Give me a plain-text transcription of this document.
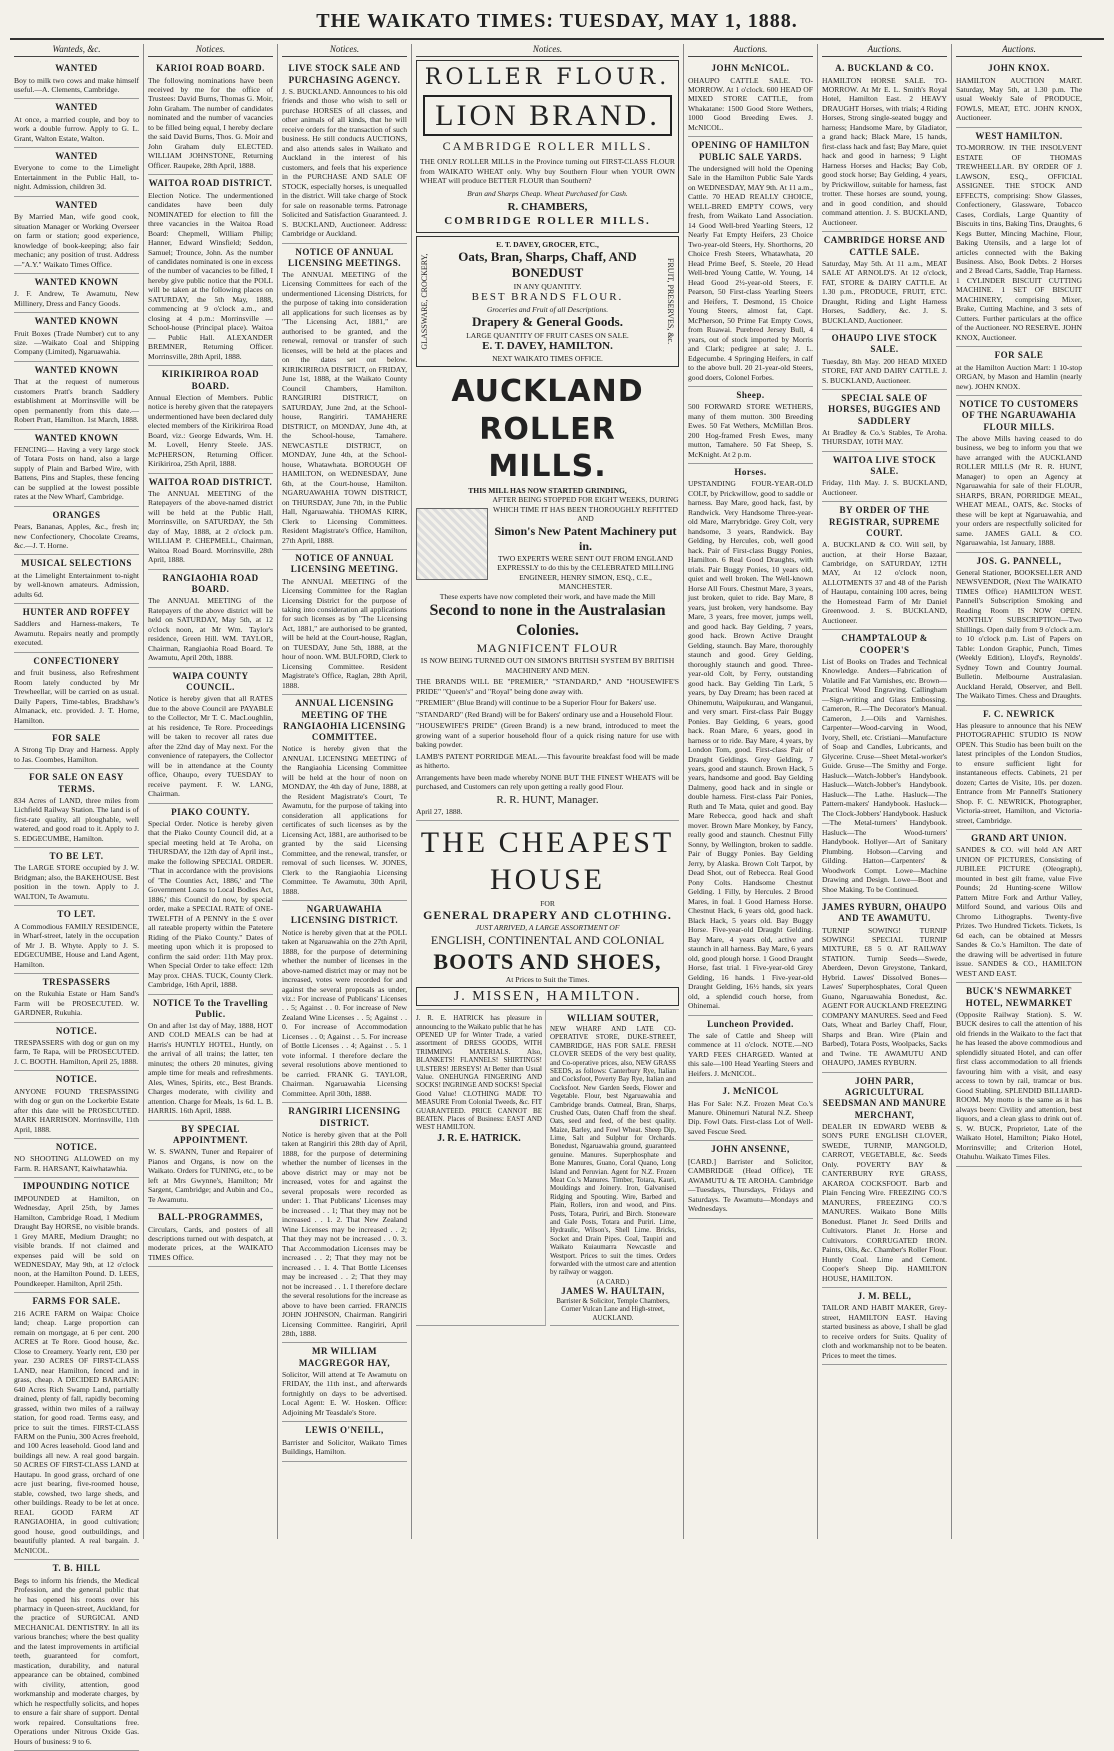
THE WAIKATO TIMES: TUESDAY, MAY 1, 1888.
Wanteds, &c.
WANTED

Boy to milk two cows and make himself useful.—A. Clements, Cambridge.

WANTED

At once, a married couple, and boy to work a double furrow. Apply to G. L. Grant, Walton Estate, Walton.

WANTED

Everyone to come to the Limelight Entertainment in the Public Hall, to-night. Admission, children 3d.

WANTED

By Married Man, wife good cook, situation Manager or Working Overseer on farm or station; good experience, knowledge of book-keeping; also fair mechanic; any position of trust. Address—"A.Y." Waikato Times Office.

WANTED KNOWN

J. F. Andrew, Te Awamutu, New Millinery, Dress and Fancy Goods.

WANTED KNOWN

Fruit Boxes (Trade Number) cut to any size. —Waikato Coal and Shipping Company (Limited), Ngaruawahia.

WANTED KNOWN

That at the request of numerous customers Pratt's branch Saddlery establishment at Morrinsville will be open permanently from this date.—Robert Pratt, Hamilton. 1st March, 1888.

WANTED KNOWN

FENCING— Having a very large stock of Totara Posts on hand, also a large supply of Plain and Barbed Wire, with Battens, Pins and Staples, these fencing can be supplied at the lowest possible rates at the New Wharf, Cambridge.

ORANGES

Pears, Bananas, Apples, &c., fresh in; new Confectionery, Chocolate Creams, &c.—J. T. Horne.

MUSICAL SELECTIONS

at the Limelight Entertainment to-night by well-known amateurs. Admission, adults 6d.

HUNTER AND ROFFEY

Saddlers and Harness-makers, Te Awamutu. Repairs neatly and promptly executed.

CONFECTIONERY

and fruit business, also Refreshment Room lately conducted by Mr Trewheellar, will be carried on as usual. Daily Papers, Time-tables, Bradshaw's Almanack, etc. provided. J. T. Horne, Hamilton.

FOR SALE

A Strong Tip Dray and Harness. Apply to Jas. Coombes, Hamilton.

FOR SALE ON EASY TERMS.

834 Acres of LAND, three miles from Lichfield Railway Station. The land is of first-rate quality, all ploughable, well watered, and good road to it. Apply to J. S. EDGECUMBE, Hamilton.

TO BE LET.

The LARGE STORE occupied by J. W. Bridgman; also, the BAKEHOUSE. Best position in the town. Apply to J. WALTON, Te Awamutu.

TO LET.

A Commodious FAMILY RESIDENCE, in Wharf-street, lately in the occupation of Mr J. B. Whyte. Apply to J. S. EDGECUMBE, House and Land Agent, Hamilton.

TRESPASSERS

on the Rukuhia Estate or Ham Sand's Farm will be PROSECUTED. W. GARDNER, Rukuhia.

NOTICE.

TRESPASSERS with dog or gun on my farm, Te Rapa, will be PROSECUTED. J. C. BOOTH. Hamilton, April 25, 1888.

NOTICE.

ANYONE FOUND TRESPASSING with dog or gun on the Lockerbie Estate after this date will be PROSECUTED. MARK HARRISON. Morrinsville, 11th April, 1888.

NOTICE.

NO SHOOTING ALLOWED on my Farm. R. HARSANT, Kaiwhatawhia.

IMPOUNDING NOTICE

IMPOUNDED at Hamilton, on Wednesday, April 25th, by James Hamilton, Cambridge Road, 1 Medium Draught Bay HORSE, no visible brands. 1 Grey MARE, Medium Draught; no visible brands. If not claimed and expenses paid will be sold on WEDNESDAY, May 9th, at 12 o'clock noon, at the Hamilton Pound. D. LEES, Poundkeeper. Hamilton, April 25th.

FARMS FOR SALE.

216 ACRE FARM on Waipa: Choice land; cheap. Large proportion can remain on mortgage, at 6 per cent. 200 ACRES at Te Rore. Good house, &c. Close to Creamery. Yearly rent, £30 per year. 230 ACRES OF FIRST-CLASS LAND, near Hamilton, fenced and in grass, cheap. A DECIDED BARGAIN: 640 Acres Rich Swamp Land, partially drained, plenty of fall, rapidly becoming grassed, within two miles of a railway station, for good road. Terms easy, and price to suit the times. FIRST-CLASS FARM on the Puniu, 300 Acres freehold, and 100 Acres leasehold. Good land and buildings all new. A real good bargain. 50 ACRES OF FIRST-CLASS LAND at Hautapu. In good grass, orchard of one acre just bearing, five-roomed house, stable, cowshed, two large sheds, and other buildings. Ready to be let at once. REAL GOOD FARM AT RANGIAOHIA, in good cultivation; good house, good outbuildings, and beautifully planted. A real bargain. J. McNICOL.

T. B. HILL

Begs to inform his friends, the Medical Profession, and the general public that he has opened his rooms over his pharmacy in Queen-street, Auckland, for the practice of SURGICAL AND MECHANICAL DENTISTRY. In all its various branches; where the best quality and the latest improvements in artificial teeth, guaranteed for comfort, mastication, durability, and natural appearance can be obtained, combined with civility, attention, good workmanship and moderate charges, by which he respectfully solicits, and hopes to ensure a fair share of support. Dental work repaired. Consultations free. Operations under Nitrous Oxide Gas. Hours of business: 9 to 6.

Notices.
KARIOI ROAD BOARD.

The following nominations have been received by me for the office of Trustees: David Burns, Thomas G. Moir, John Graham. The number of candidates nominated and the number of vacancies to be filled being equal, I hereby declare the said David Burns, Thos. G. Moir and John Graham duly ELECTED. WILLIAM JOHNSTONE, Returning Officer. Raupeke, 28th April, 1888.

WAITOA ROAD DISTRICT.

Election Notice. The undermentioned candidates have been duly NOMINATED for election to fill the three vacancies in the Waitoa Road Board: Chepmell, William Philip; Hanner, Edward Winsfield; Seddon, Samuel; Trounce, John. As the number of candidates nominated is one in excess of the number of vacancies to be filled, I hereby give public notice that the POLL will be taken at the following places on SATURDAY, the 5th May, 1888, commencing at 9 o'clock a.m., and closing at 4 p.m.: Morrinsville — School-house (Principal place). Waitoa — Public Hall. ALEXANDER BREMNER, Returning Officer. Morrinsville, 28th April, 1888.

KIRIKIRIROA ROAD BOARD.

Annual Election of Members. Public notice is hereby given that the ratepayers undermentioned have been declared duly elected members of the Kirikiriroa Road Board, viz.: George Edwards, Wm. H. M. Lovell, Henry Steele. JAS. McPHERSON, Returning Officer. Kirikiriroa, 25th April, 1888.

WAITOA ROAD DISTRICT.

The ANNUAL MEETING of the Ratepayers of the above-named district will be held at the Public Hall, Morrinsville, on SATURDAY, the 5th day of May, 1888, at 2 o'clock p.m. WILLIAM P. CHEPMELL, Chairman, Waitoa Road Board. Morrinsville, 28th April, 1888.

RANGIAOHIA ROAD BOARD.

The ANNUAL MEETING of the Ratepayers of the above district will be held on SATURDAY, May 5th, at 12 o'clock noon, at Mr Wm. Taylor's residence, Green Hill. WM. TAYLOR, Chairman, Rangiaohia Road Board. Te Awamutu, April 20th, 1888.

WAIPA COUNTY COUNCIL.

Notice is hereby given that all RATES due to the above Council are PAYABLE to the Collector, Mr T. C. MacLoughlin, at his residence, Te Rore. Proceedings will be taken to recover all rates due after the 22nd day of May next. For the convenience of ratepayers, the Collector will be in attendance at the County office, Ohaupo, every TUESDAY to receive payment. F. W. LANG, Chairman.

PIAKO COUNTY.

Special Order. Notice is hereby given that the Piako County Council did, at a special meeting held at Te Aroha, on THURSDAY, the 12th day of April inst., make the following SPECIAL ORDER. "That in accordance with the provisions of 'The Counties Act, 1886,' and 'The Government Loans to Local Bodies Act, 1886,' this Council do now, by special order, make a SPECIAL RATE of ONE-TWELFTH of A PENNY in the £ over all rateable property within the Patetere Riding of the Piako County." Dates of meeting upon which it is proposed to confirm the said order: 11th May prox. When Special Order to take effect: 12th May prox. CHAS. TUCK, County Clerk. Cambridge, 16th April, 1888.

NOTICE To the Travelling Public.

On and after 1st day of May, 1888, HOT AND COLD MEALS can be had at Harris's HUNTLY HOTEL, Huntly, on the arrival of all trains; the latter, ten minutes; the others 20 minutes, giving ample time for meals and refreshments. Ales, Wines, Spirits, etc., Best Brands. Charges moderate, with civility and attention. Charge for Meals, 1s 6d. L. B. HARRIS. 16th April, 1888.

BY SPECIAL APPOINTMENT.

W. S. SWANN, Tuner and Repairer of Pianos and Organs, is now on the Waikato. Orders for TUNING, etc., to be left at Mrs Gwynne's, Hamilton; Mr Sargent, Cambridge; and Aubin and Co., Te Awamutu.

BALL-PROGRAMMES,

Circulars, Cards, and posters of all descriptions turned out with despatch, at moderate prices, at the WAIKATO TIMES Office.

Notices.
LIVE STOCK SALE AND PURCHASING AGENCY.

J. S. BUCKLAND. Announces to his old friends and those who wish to sell or purchase HORSES of all classes, and other animals of all kinds, that he will receive orders for the transaction of such business. He still conducts AUCTIONS, and also attends sales in Waikato and Auckland in the interest of his customers, and feels that his experience in the PURCHASE AND SALE OF STOCK, especially horses, is unequalled in the district. Will take charge of Stock for sale on reasonable terms. Patronage Solicited and Satisfaction Guaranteed. J. S. BUCKLAND, Auctioneer. Address: Cambridge or Auckland.

NOTICE OF ANNUAL LICENSING MEETINGS.

The ANNUAL MEETING of the Licensing Committees for each of the undermentioned Licensing Districts, for the purpose of taking into consideration all applications for such licenses as by "The Licensing Act, 1881," are authorised to be granted, and the renewal, removal or transfer of such licenses, will be held at the places and on the dates set out below. KIRIKIRIROA DISTRICT, on FRIDAY, June 1st, 1888, at the Waikato County Council Chambers, Hamilton. RANGIRIRI DISTRICT, on SATURDAY, June 2nd, at the School-house, Rangiriri. TAMAHERE DISTRICT, on MONDAY, June 4th, at the School-house, Tamahere. NEWCASTLE DISTRICT, on MONDAY, June 4th, at the School-house, Whatawhata. BOROUGH OF HAMILTON, on WEDNESDAY, June 6th, at the Court-house, Hamilton. NGARUAWAHIA TOWN DISTRICT, on THURSDAY, June 7th, in the Public Hall, Ngaruawahia. THOMAS KIRK, Clerk to Licensing Committees. Resident Magistrate's Office, Hamilton, 27th April, 1888.

NOTICE OF ANNUAL LICENSING MEETING.

The ANNUAL MEETING of the Licensing Committee for the Raglan Licensing District for the purpose of taking into consideration all applications for such licenses as by "The Licensing Act, 1881," are authorised to be granted, will be held at the Court-house, Raglan, on TUESDAY, June 5th, 1888, at the hour of noon. WM. BULFORD, Clerk to Licensing Committee. Resident Magistrate's Office, Raglan, 28th April, 1888.

ANNUAL LICENSING MEETING OF THE RANGIAOHIA LICENSING COMMITTEE.

Notice is hereby given that the ANNUAL LICENSING MEETING of the Rangiaohia Licensing Committee will be held at the hour of noon on MONDAY, the 4th day of June, 1888, at the Resident Magistrate's Court, Te Awamutu, for the purpose of taking into consideration all applications for certificates of such licenses as by the Licensing Act, 1881, are authorised to be granted by the said Licensing Committee, and the renewal, transfer, or removal of such licenses. W. JONES, Clerk to the Rangiaohia Licensing Committee. Te Awamutu, 30th April, 1888.

NGARUAWAHIA LICENSING DISTRICT.

Notice is hereby given that at the POLL taken at Ngaruawahia on the 27th April, 1888, for the purpose of determining whether the number of licenses in the above-named district may or may not be increased, votes were recorded for and against the several proposals as under, viz.: For increase of Publicans' Licenses . . 5; Against . . 0. For increase of New Zealand Wine Licenses . . 5; Against . . 0. For increase of Accommodation Licenses . . 0; Against . . 5. For increase of Bottle Licenses . . 4; Against . . 5. 1 vote informal. I therefore declare the several resolutions above mentioned to be carried. FRANK G. TAYLOR, Chairman. Ngaruawahia Licensing Committee. April 30th, 1888.

RANGIRIRI LICENSING DISTRICT.

Notice is hereby given that at the Poll taken at Rangiriri this 28th day of April, 1888, for the purpose of determining whether the number of licenses in the above district may or may not be increased, votes for and against the several proposals were recorded as under: 1. That Publicans' Licenses may be increased . . 1; That they may not be increased . . 1. 2. That New Zealand Wine Licenses may be increased . . 2; That they may not be increased . . 0. 3. That Accommodation Licenses may be increased . . 2; That they may not be increased . . 1. 4. That Bottle Licenses may be increased . . 2; That they may not be increased . . 1. I therefore declare the several resolutions for the increase as above to have been carried. FRANCIS JOHN JOHNSON, Chairman. Rangiriri Licensing Committee. Rangiriri, April 28th, 1888.

MR WILLIAM MACGREGOR HAY,

Solicitor, Will attend at Te Awamutu on FRIDAY, the 11th inst., and afterwards fortnightly on days to be advertised. Local Agent: E. W. Hosken. Office: Adjoining Mr Teasdale's Store.

LEWIS O'NEILL,

Barrister and Solicitor, Waikato Times Buildings, Hamilton.

Notices.
ROLLER FLOUR.
LION BRAND.
CAMBRIDGE ROLLER MILLS.

THE ONLY ROLLER MILLS in the Province turning out FIRST-CLASS FLOUR from WAIKATO WHEAT only. Why buy Southern Flour when YOUR OWN WHEAT will produce BETTER FLOUR than Southern?

Bran and Sharps Cheap. Wheat Purchased for Cash.
R. CHAMBERS,
COMBRIDGE ROLLER MILLS.
GLASSWARE, CROCKERY,
E. T. DAVEY, GROCER, ETC.,
Oats, Bran, Sharps, Chaff, AND BONEDUST
IN ANY QUANTITY.
BEST BRANDS FLOUR.
Groceries and Fruit of all Descriptions.
Drapery & General Goods.
LARGE QUANTITY OF FRUIT CASES ON SALE.
E. T. DAVEY, HAMILTON.
NEXT WAIKATO TIMES OFFICE.
FRUIT, PRESERVES, &c.
AUCKLAND ROLLER MILLS.
THIS MILL HAS NOW STARTED GRINDING,
AFTER BEING STOPPED FOR EIGHT WEEKS, DURING WHICH TIME IT HAS BEEN THOROUGHLY REFITTED AND
Simon's New Patent Machinery put in.
TWO EXPERTS WERE SENT OUT FROM ENGLAND EXPRESSLY to do this by the CELEBRATED MILLING ENGINEER, HENRY SIMON, ESQ., C.E., MANCHESTER.
These experts have now completed their work, and have made the Mill
Second to none in the Australasian Colonies.
MAGNIFICENT FLOUR
IS NOW BEING TURNED OUT ON SIMON'S BRITISH SYSTEM BY BRITISH MACHINERY AND MEN.

THE BRANDS WILL BE "PREMIER," "STANDARD," AND "HOUSEWIFE'S PRIDE" "Queen's" and "Royal" being done away with.

"PREMIER" (Blue Brand) will continue to be a Superior Flour for Bakers' use.

"STANDARD" (Red Brand) will be for Bakers' ordinary use and a Household Flour.

"HOUSEWIFE'S PRIDE" (Green Brand) is a new brand, introduced to meet the growing want of a superior household flour of a quick rising nature for use with baking powder.

LAMB'S PATENT PORRIDGE MEAL.—This favourite breakfast food will be made as hitherto.

Arrangements have been made whereby NONE BUT THE FINEST WHEATS will be purchased, and Customers can rely upon getting a really good Flour.

R. R. HUNT, Manager.
April 27, 1888.
THE CHEAPEST HOUSE
FOR
GENERAL DRAPERY AND CLOTHING.
JUST ARRIVED, A LARGE ASSORTMENT OF
ENGLISH, CONTINENTAL AND COLONIAL
BOOTS AND SHOES,
At Prices to Suit the Times.
J. MISSEN, HAMILTON.

J. R. E. HATRICK has pleasure in announcing to the Waikato public that he has OPENED UP for Winter Trade, a varied assortment of DRESS GOODS, WITH TRIMMING MATERIALS. Also, BLANKETS! FLANNELS! SHIRTINGS! ULSTERS! JERSEYS! At Better than Usual Value. ONEHUNGA FINGERING AND SOCKS! INGRINGE AND SOCKS! Special Good Value! CLOTHING MADE TO MEASURE From Colonial Tweeds, &c. FIT GUARANTEED. PRICE CANNOT BE BEATEN. Places of Business: EAST AND WEST HAMILTON.

J. R. E. HATRICK.
WILLIAM SOUTER,

NEW WHARF AND LATE CO-OPERATIVE STORE, DUKE-STREET, CAMBRIDGE, HAS FOR SALE. FRESH CLOVER SEEDS of the very best quality, and Co-operative prices, also, NEW GRASS SEEDS, as follows: Canterbury Rye, Italian and Cocksfoot, Poverty Bay Rye, Italian and Cocksfoot. New Garden Seeds, Flower and Vegetable. Flour, best Ngaruawahia and Cambridge brands. Oatmeal, Bran, Sharps, Crushed Oats, Oaten Chaff from the sheaf. Oats, seed and feed, of the best quality. Maize, Barley, and Fowl Wheat. Sheep Dip, Lime, Salt and Sulphur for Orchards. Bonedust, Ngaruawahia ground, guaranteed genuine. Manures. Superphosphate and Bone Manures, Guano, Coral Quano, Long Island and Peruvian. Agent for N.Z. Frozen Meat Co.'s Manures. Timber, Totara, Kauri, Mouldings and Joinery. Iron, Galvanised Ridging and Spouting. Wire, Barbed and Plain, Rollers, iron and wood, and Pins. Posts, Totara, Puriri, and Birch. Stoneware and Gale Posts, Totara and Puriri. Lime, Hydraulic, Wilson's, Shell Lime. Bricks, Socket and Drain Pipes. Coal, Taupiri and Waikato Kuiaumarra Newcastle and Westport. Prices to suit the times. Orders forwarded with the utmost care and attention by railway or waggon.

(A CARD.)
JAMES W. HAULTAIN,
Barrister & Solicitor, Temple Chambers, Corner Vulcan Lane and High-street, AUCKLAND.
Auctions.
JOHN McNICOL.

OHAUPO CATTLE SALE. TO-MORROW. At 1 o'clock. 600 HEAD OF MIXED STORE CATTLE, from Whakatane: 1500 Good Store Wethers, 1000 Good Breeding Ewes. J. McNICOL.

OPENING OF HAMILTON PUBLIC SALE YARDS.

The undersigned will hold the Opening Sale in the Hamilton Public Sale Yards on WEDNESDAY, MAY 9th. At 11 a.m., Cattle. 70 HEAD REALLY CHOICE, WELL-BRED EMPTY COWS, very fresh, from Waikato Land Association. 14 Good Well-bred Yearling Steers, 12 Nearly Fat Empty Heifers, 23 Choice Two-year-old Steers, Hy. Shorthorns, 20 Choice Fresh Steers, Whatawhata, 20 Head Prime Beef, S. Steele, 20 Head Well-bred Young Cattle, W. Young, 14 Head Good 2½-year-old Steers, F. Pearson, 50 First-class Yearling Steers and Heifers, T. Desmond, 15 Choice Young Steers, almost fat, Capt. McPherson, 50 Prime Fat Empty Cows, from Ruawai. Purebred Jersey Bull, 4 years, out of stock imported by Morris and Clark; pedigree at sale; J. L. Edgecumbe. 4 Springing Heifers, in calf to the above bull. 20 21-year-old Steers, good doers, Colonel Forbes.

Sheep.

500 FORWARD STORE WETHERS, many of them mutton. 300 Breeding Ewes. 50 Fat Wethers, McMillan Bros. 200 Hog-framed Fresh Ewes, many mutton, Tamahere. 50 Fat Sheep, S. McKnight. At 2 p.m.

Horses.

UPSTANDING FOUR-YEAR-OLD COLT, by Prickwillow, good to saddle or harness. Bay Mare, good hack, fast, by Randwick. Very Handsome Three-year-old Mare, Marrybridge. Grey Colt, very handsome, 3 years, Randwick. Bay Gelding, by Hercules, cob, well good hack. Pair of First-class Buggy Ponies, Hamilton. 6 Real Good Draughts, with trials. Pair Buggy Ponies, 10 years old, quiet and well broken. The Well-known Horse All Fours. Chestnut Mare, 3 years, just broken, quiet to ride. Bay Mare, 8 years, just broken, very handsome. Bay Mare, 3 years, free mover, jumps well, and good hack. Bay Gelding, 7 years, good hack. Brown Active Draught Gelding, staunch. Bay Mare, thoroughly staunch and good. Grey Gelding, thoroughly staunch and good. Three-year-old Colt, by Ferry, outstanding good hack. Bay Gelding Tin Lark, 5 years, by Day Dream; has been raced at Ohinemutu, Waipukurau, and Wanganui, and very smart. First-class Pair Buggy Ponies. Bay Gelding, 6 years, good hack. Roan Mare, 6 years, good in harness or to ride. Bay Mare, 4 years, by London Tom, good. First-class Pair of Draught Geldings. Grey Gelding, 7 years, good and staunch. Brown Hack, 5 years, handsome and good. Bay Gelding Dalmeny, good hack and in single or double harness. First-class Pair Ponies, Ruth and Te Mata, quiet and good. Bay Mare Rebecca, good hack and shaft mover. Brown Mare Monkey, by Fancy, really good and staunch. Chestnut Filly Sonny, by Wellington, broken to saddle. Pair of Buggy Ponies. Bay Gelding Jerry, by Alaska. Brown Colt Tarpot, by Dead Shot, out of Rebecca. Real Good Pony Colts. Handsome Chestnut Gelding. 1 Filly, by Hercules. 2 Brood Mares, in foal. 1 Good Harness Horse. Chestnut Hack, 6 years old, good hack. Black Hack, 5 years old. Bay Buggy Horse. Five-year-old Draught Gelding. Bay Mare, 4 years old, active and staunch in all harness. Bay Mare, 6 years old, good plough horse. 1 Good Draught Horse, fast trial. 1 Five-year-old Grey Gelding, 16 hands. 1 Five-year-old Draught Gelding, 16½ hands, six years old, a splendid couch horse, from Ohinemai.

Luncheon Provided.

The sale of Cattle and Sheep will commence at 11 o'clock. NOTE.—NO YARD FEES CHARGED. Wanted at this sale—100 Head Yearling Steers and Heifers. J. McNICOL.

J. McNICOL

Has For Sale: N.Z. Frozen Meat Co.'s Manure. Ohinemuri Natural N.Z. Sheep Dip. Fowl Oats. First-class Lot of Well-saved Fescue Seed.

JOHN ANSENNE,

[CARD.] Barrister and Solicitor, CAMBRIDGE (Head Office), TE AWAMUTU & TE AROHA. Cambridge—Tuesdays, Thursdays, Fridays and Saturdays. Te Awamutu—Mondays and Wednesdays.

Auctions.
A. BUCKLAND & CO.

HAMILTON HORSE SALE. TO-MORROW. At Mr E. L. Smith's Royal Hotel, Hamilton East. 2 HEAVY DRAUGHT Horses, with trials; 4 Riding Horses, Strong single-seated buggy and harness; Handsome Mare, by Gladiator, a grand hack; Black Mare, 15 hands, first-class hack and fast; Bay Mare, quiet hack and good in harness; 9 Light Harness Horses and Hacks; Bay Cob, good stock horse; Bay Gelding, 4 years, by Prickwillow, suitable for harness, fast trotter. These horses are sound, young, and in good condition, and should command attention. J. S. BUCKLAND, Auctioneer.

CAMBRIDGE HORSE AND CATTLE SALE.

Saturday, May 5th. At 11 a.m., MEAT SALE AT ARNOLD'S. At 12 o'clock, FAT, STORE & DAIRY CATTLE. At 1.30 p.m., PRODUCE, FRUIT, ETC. Draught, Riding and Light Harness Horses, Saddlery, &c. J. S. BUCKLAND, Auctioneer.

OHAUPO LIVE STOCK SALE.

Tuesday, 8th May. 200 HEAD MIXED STORE, FAT AND DAIRY CATTLE. J. S. BUCKLAND, Auctioneer.

SPECIAL SALE OF HORSES, BUGGIES AND SADDLERY

At Bradley & Co.'s Stables, Te Aroha. THURSDAY, 10TH MAY.

WAITOA LIVE STOCK SALE.

Friday, 11th May. J. S. BUCKLAND, Auctioneer.

BY ORDER OF THE REGISTRAR, SUPREME COURT.

A. BUCKLAND & CO. Will sell, by auction, at their Horse Bazaar, Cambridge, on SATURDAY, 12TH MAY, At 12 o'clock noon, ALLOTMENTS 37 and 48 of the Parish of Hautapu, containing 100 acres, being the Homestead Farm of Mr Daniel Greenwood. J. S. BUCKLAND, Auctioneer.

CHAMPTALOUP & COOPER'S

List of Books on Trades and Technical Knowledge. Anders—Fabrication of Volatile and Fat Varnishes, etc. Brown—Practical Wood Engraving. Callingham—Sign-writing and Glass Embossing. Cameron, R.—The Decorator's Manual. Cameron, J.—Oils and Varnishes. Carpenter—Wood-carving in Wood, Ivory, Shell, etc. Cristiani—Manufacture of Soap and Candles, Lubricants, and Glycerine. Cruse—Sheet Metal-worker's Guide. Gruse—The Smithy and Forge. Hasluck—Watch-Jobber's Handybook. Hasluck—Watch-Jobber's Handybook. Hasluck—The Lathe. Hasluck—The Pattern-makers' Handybook. Hasluck—The Clock-Jobbers' Handybook. Hasluck—The Metal-turners' Handybook. Hasluck—The Wood-turners' Handybook. Hollyer—Art of Sanitary Plumbing. Hobson—Carving and Gilding. Hatton—Carpenters' & Woodwork Compt. Lowe—Machine Drawing and Design. Lowe—Boot and Shoe Making. To be Continued.

JAMES RYBURN, OHAUPO AND TE AWAMUTU.

TURNIP SOWING! TURNIP SOWING! SPECIAL TURNIP MIXTURE, £8 5 0. AT RAILWAY STATION. Turnip Seeds—Swede, Aberdeen, Devon Greystone, Tankard, Hybrid. Lawes' Dissolved Bones—Lawes' Superphosphates, Coral Queen Guano, Ngaruawahia Bonedust, &c. AGENT FOR AUCKLAND FREEZING COMPANY MANURES. Seed and Feed Oats, Wheat and Barley Chaff, Flour, Sharps and Bran. Wire (Plain and Barbed), Totara Posts, Woolpacks, Sacks and Twine. TE AWAMUTU AND OHAUPO, JAMES RYBURN.

JOHN PARR, AGRICULTURAL SEEDSMAN AND MANURE MERCHANT,

DEALER IN EDWARD WEBB & SON'S PURE ENGLISH CLOVER, SWEDE, TURNIP, MANGOLD, CARROT, VEGETABLE, &c. Seeds Only. POVERTY BAY & CANTERBURY RYE GRASS, AKAROA COCKSFOOT. Barb and Plain Fencing Wire. FREEZING CO.'S MANURES, FREEZING CO.'S MANURES. Waikato Bone Mills Bonedust. Planet Jr. Seed Drills and Cultivators. Planet Jr. Horse and Cultivators. CORRUGATED IRON. Paints, Oils, &c. Chamber's Roller Flour. Huntly Coal. Lime and Cement. Cooper's Sheep Dip. HAMILTON HOUSE, HAMILTON.

J. M. BELL,

TAILOR AND HABIT MAKER, Grey-street, HAMILTON EAST. Having started business as above, I shall be glad to receive orders for Suits. Quality of cloth and workmanship not to be beaten. Prices to meet the times.

Auctions.
JOHN KNOX.

HAMILTON AUCTION MART. Saturday, May 5th, at 1.30 p.m. The usual Weekly Sale of PRODUCE, FOWLS, MEAT, ETC. JOHN KNOX, Auctioneer.

WEST HAMILTON.

TO-MORROW. IN THE INSOLVENT ESTATE OF THOMAS TREWHEELLAR. BY ORDER OF J. LAWSON, ESQ., OFFICIAL ASSIGNEE. THE STOCK AND EFFECTS, comprising: Show Glasses, Confectionery, Glassware, Tobacco Cases, Cordials, Large Quantity of Biscuits in tins, Baking Tins, Draughts, 6 Kegs Butter, Mincing Machine, Flour, Baking Utensils, and a large lot of articles connected with the Baking Business. Also, Book Debts. 2 Horses and 2 Bread Carts, Saddle, Trap Harness. 1 CYLINDER BISCUIT CUTTING MACHINE. 1 SET OF BISCUIT MACHINERY, comprising Mixer, Brake, Cutting Machine, and 3 sets of Cutters. Further particulars at the office of the Auctioneer. NO RESERVE. JOHN KNOX, Auctioneer.

FOR SALE

at the Hamilton Auction Mart: 1 10-stop ORGAN, by Mason and Hamlin (nearly new). JOHN KNOX.

NOTICE TO CUSTOMERS OF THE NGARUAWAHIA FLOUR MILLS.

The above Mills having ceased to do business, we beg to inform you that we have arranged with the AUCKLAND ROLLER MILLS (Mr R. R. HUNT, Manager) to open an Agency at Ngaruawahia for sale of their FLOUR, SHARPS, BRAN, PORRIDGE MEAL, WHEAT MEAL, OATS, &c. Stocks of these will be kept at Ngaruawahia, and your orders are respectfully solicited for same. JAMES GALL & CO. Ngaruawahia, 1st January, 1888.

JOS. G. PANNELL,

General Stationer, BOOKSELLER AND NEWSVENDOR, (Next The WAIKATO TIMES Office) HAMILTON WEST. Pannell's Subscription Smoking and Reading Room IS NOW OPEN. MONTHLY SUBSCRIPTION—Two Shillings. Open daily from 9 o'clock a.m. to 10 o'clock p.m. List of Papers on Table: London Graphic, Punch, Times (Weekly Edition), Lloyd's, Reynolds'. Sydney Town and Country Journal. Bulletin. Melbourne Australasian. Auckland Herald, Observer, and Bell. The Waikato Times. Chess and Draughts.

F. C. NEWRICK

Has pleasure to announce that his NEW PHOTOGRAPHIC STUDIO IS NOW OPEN. This Studio has been built on the latest principles of the London Studios, to ensure sufficient light for instantaneous effects. Cabinets, 21 per dozen; Cartes de Visite, 10s. per dozen. Entrance from Mr Pannell's Stationery Shop. F. C. NEWRICK, Photographer, Victoria-street, Hamilton, and Victoria-street, Cambridge.

GRAND ART UNION.

SANDES & CO. will hold AN ART UNION OF PICTURES, Consisting of JUBILEE PICTURE (Oleograph), mounted in best gilt frame, value Five Pounds; 2d Hunting-scene Willow Pattern Mitre Fork and Arthur Valley, Milford Sound, and various Oils and Chromo Lithographs. Twenty-five Prizes. Two Hundred Tickets. Tickets, 1s 6d each, can be obtained at Messrs Sandes & Co.'s Hamilton. The date of the drawing will be advertised in future issue. SANDES & CO., HAMILTON WEST AND EAST.

BUCK'S NEWMARKET HOTEL, NEWMARKET

(Opposite Railway Station). S. W. BUCK desires to call the attention of his old friends in the Waikato to the fact that he has leased the above commodious and splendidly situated Hotel, and can offer first class accommodation to all friends favouring him with a visit, and easy access to town by rail, tramcar or bus. Good Stabling. SPLENDID BILLIARD-ROOM. My motto is the same as it has always been: Civility and attention, best liquors, and a clean glass to drink out of. S. W. BUCK, Proprietor, Late of the Waikato Hotel, Hamilton; Piako Hotel, Morrinsville; and Criterion Hotel, Otahuhu. Waikato Times Files.
